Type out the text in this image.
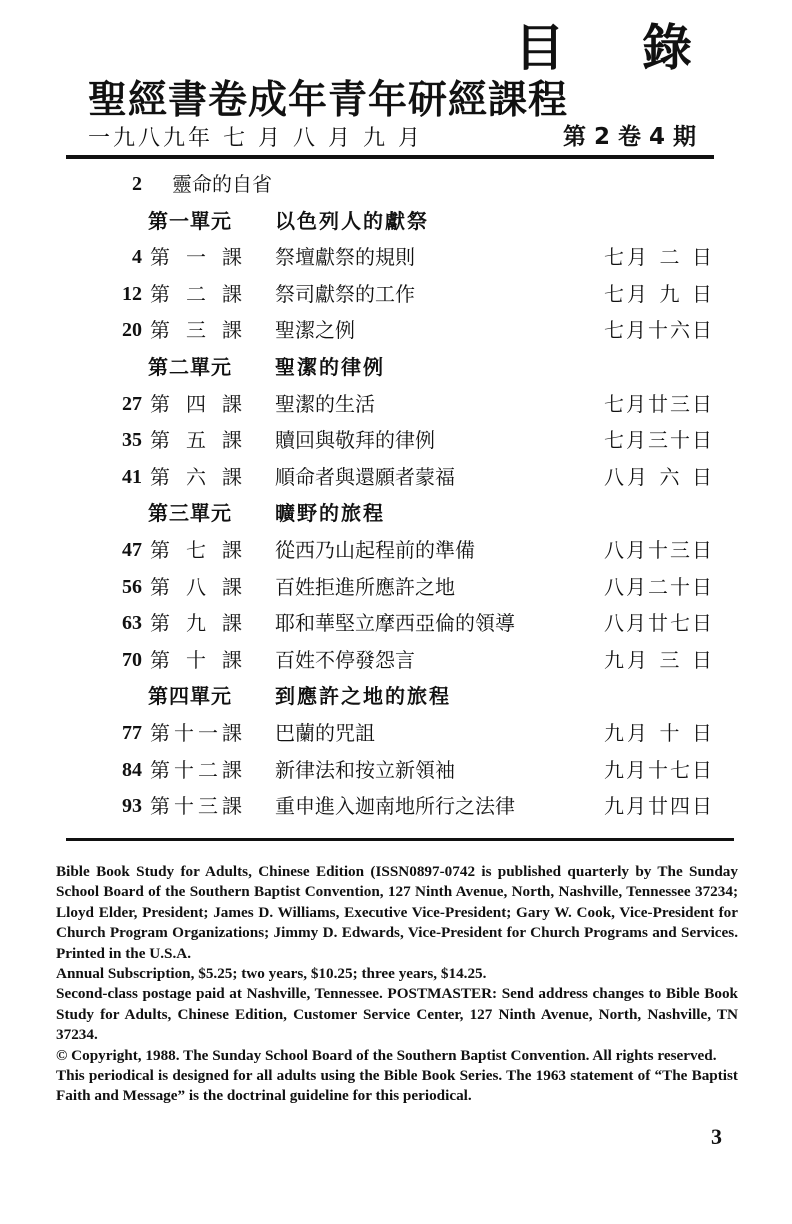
目 錄
聖經書卷成年青年研經課程
一九八九年 七 月 八 月 九 月	第 2 卷 4 期
2 靈命的自省
第一單元 以色列人的獻祭
4 第一課 祭壇獻祭的規則	七月 二 日
12 第二課 祭司獻祭的工作	七月 九 日
20 第三課 聖潔之例	七月十六日
第二單元 聖潔的律例
27 第四課 聖潔的生活	七月廿三日
35 第五課 贖回與敬拜的律例	七月三十日
41 第六課 順命者與還願者蒙福	八月 六 日
第三單元 曠野的旅程
47 第七課 從西乃山起程前的準備	八月十三日
56 第八課 百姓拒進所應許之地	八月二十日
63 第九課 耶和華堅立摩西亞倫的領導	八月廿七日
70 第十課 百姓不停發怨言	九月 三 日
第四單元 到應許之地的旅程
77 第十一課 巴蘭的咒詛	九月 十 日
84 第十二課 新律法和按立新領袖	九月十七日
93 第十三課 重申進入迦南地所行之法律	九月廿四日

Bible Book Study for Adults, Chinese Edition (ISSN0897-0742 is published quarterly by The Sunday School Board of the Southern Baptist Convention, 127 Ninth Avenue, North, Nashville, Tennessee 37234; Lloyd Elder, President; James D. Williams, Executive Vice-President; Gary W. Cook, Vice-President for Church Program Organizations; Jimmy D. Edwards, Vice-President for Church Programs and Services. Printed in the U.S.A.

Annual Subscription, $5.25; two years, $10.25; three years, $14.25.

Second-class postage paid at Nashville, Tennessee. POSTMASTER: Send address changes to Bible Book Study for Adults, Chinese Edition, Customer Service Center, 127 Ninth Avenue, North, Nashville, TN 37234.

© Copyright, 1988. The Sunday School Board of the Southern Baptist Convention. All rights reserved.

This periodical is designed for all adults using the Bible Book Series. The 1963 statement of “The Baptist Faith and Message” is the doctrinal guideline for this periodical.

3
